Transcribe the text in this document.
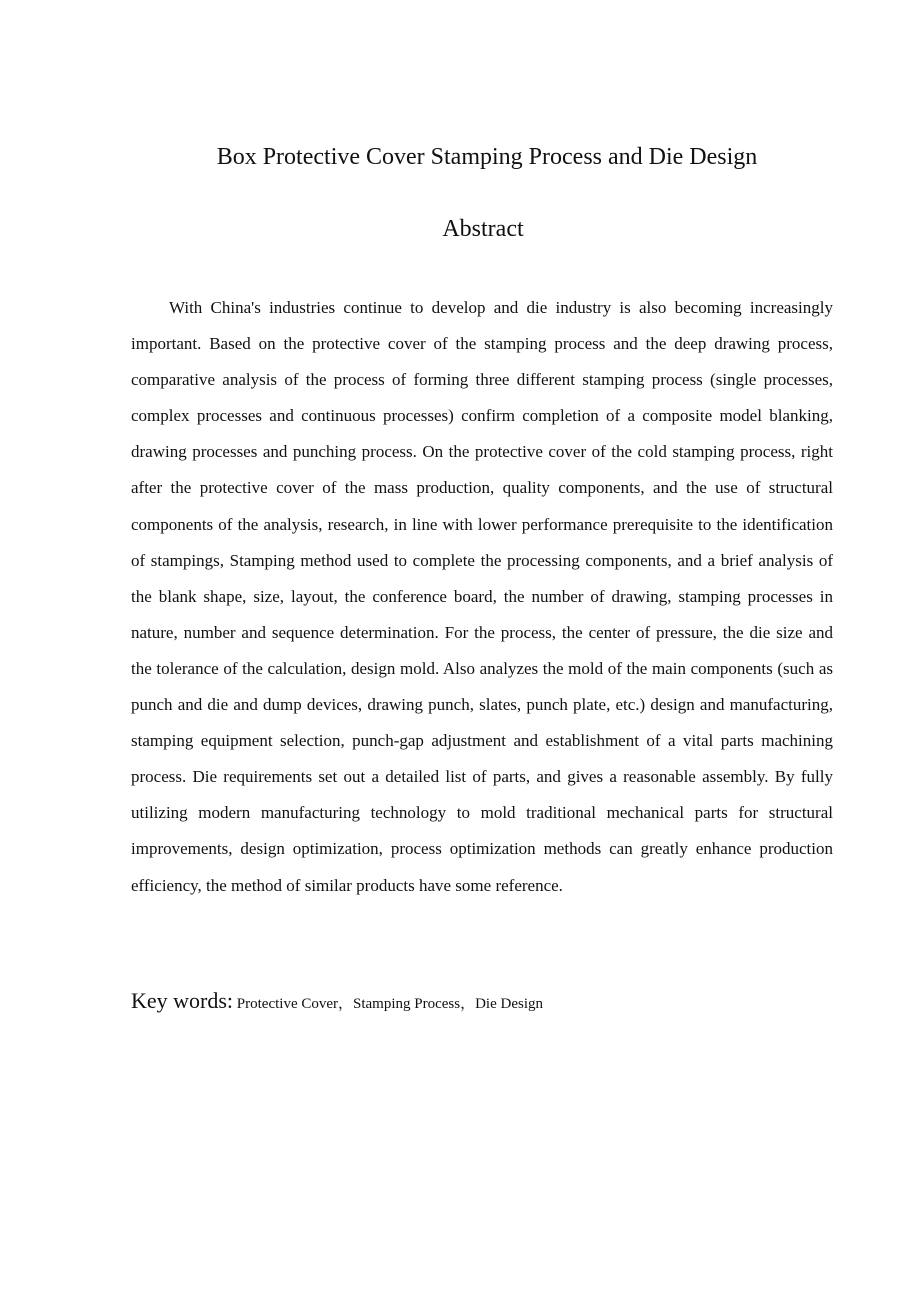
Box Protective Cover Stamping Process and Die Design
Abstract

With China's industries continue to develop and die industry is also becoming increasingly important. Based on the protective cover of the stamping process and the deep drawing process, comparative analysis of the process of forming three different stamping process (single processes, complex processes and continuous processes) confirm completion of a composite model blanking, drawing processes and punching process. On the protective cover of the cold stamping process, right after the protective cover of the mass production, quality components, and the use of structural components of the analysis, research, in line with lower performance prerequisite to the identification of stampings, Stamping method used to complete the processing components, and a brief analysis of the blank shape, size, layout, the conference board, the number of drawing, stamping processes in nature, number and sequence determination. For the process, the center of pressure, the die size and the tolerance of the calculation, design mold. Also analyzes the mold of the main components (such as punch and die and dump devices, drawing punch, slates, punch plate, etc.) design and manufacturing, stamping equipment selection, punch-gap adjustment and establishment of a vital parts machining process. Die requirements set out a detailed list of parts, and gives a reasonable assembly. By fully utilizing modern manufacturing technology to mold traditional mechanical parts for structural improvements, design optimization, process optimization methods can greatly enhance production efficiency, the method of similar products have some reference.

Key words: Protective Cover，Stamping Process，Die Design
